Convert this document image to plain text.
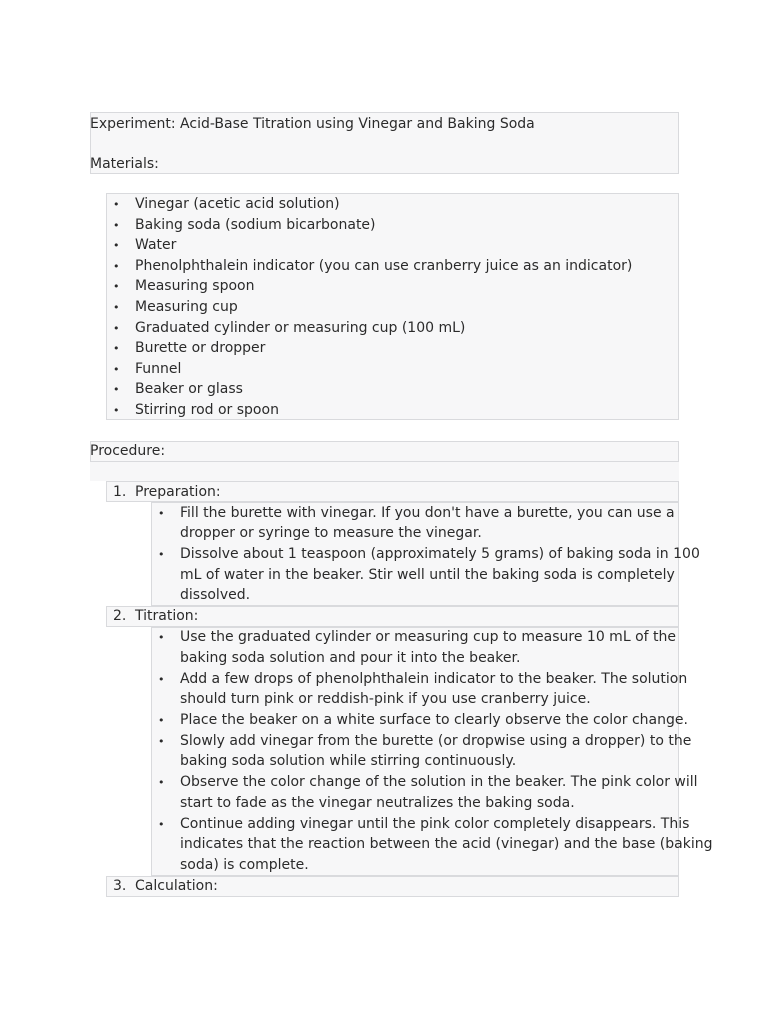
Experiment: Acid-Base Titration using Vinegar and Baking Soda
Materials:
• Vinegar (acetic acid solution)
• Baking soda (sodium bicarbonate)
• Water
• Phenolphthalein indicator (you can use cranberry juice as an indicator)
• Measuring spoon
• Measuring cup
• Graduated cylinder or measuring cup (100 mL)
• Burette or dropper
• Funnel
• Beaker or glass
• Stirring rod or spoon
Procedure:
1. Preparation:
• Fill the burette with vinegar. If you don't have a burette, you can use a
dropper or syringe to measure the vinegar.
• Dissolve about 1 teaspoon (approximately 5 grams) of baking soda in 100
mL of water in the beaker. Stir well until the baking soda is completely
dissolved.
2. Titration:
• Use the graduated cylinder or measuring cup to measure 10 mL of the
baking soda solution and pour it into the beaker.
• Add a few drops of phenolphthalein indicator to the beaker. The solution
should turn pink or reddish-pink if you use cranberry juice.
• Place the beaker on a white surface to clearly observe the color change.
• Slowly add vinegar from the burette (or dropwise using a dropper) to the
baking soda solution while stirring continuously.
• Observe the color change of the solution in the beaker. The pink color will
start to fade as the vinegar neutralizes the baking soda.
• Continue adding vinegar until the pink color completely disappears. This
indicates that the reaction between the acid (vinegar) and the base (baking
soda) is complete.
3. Calculation:
